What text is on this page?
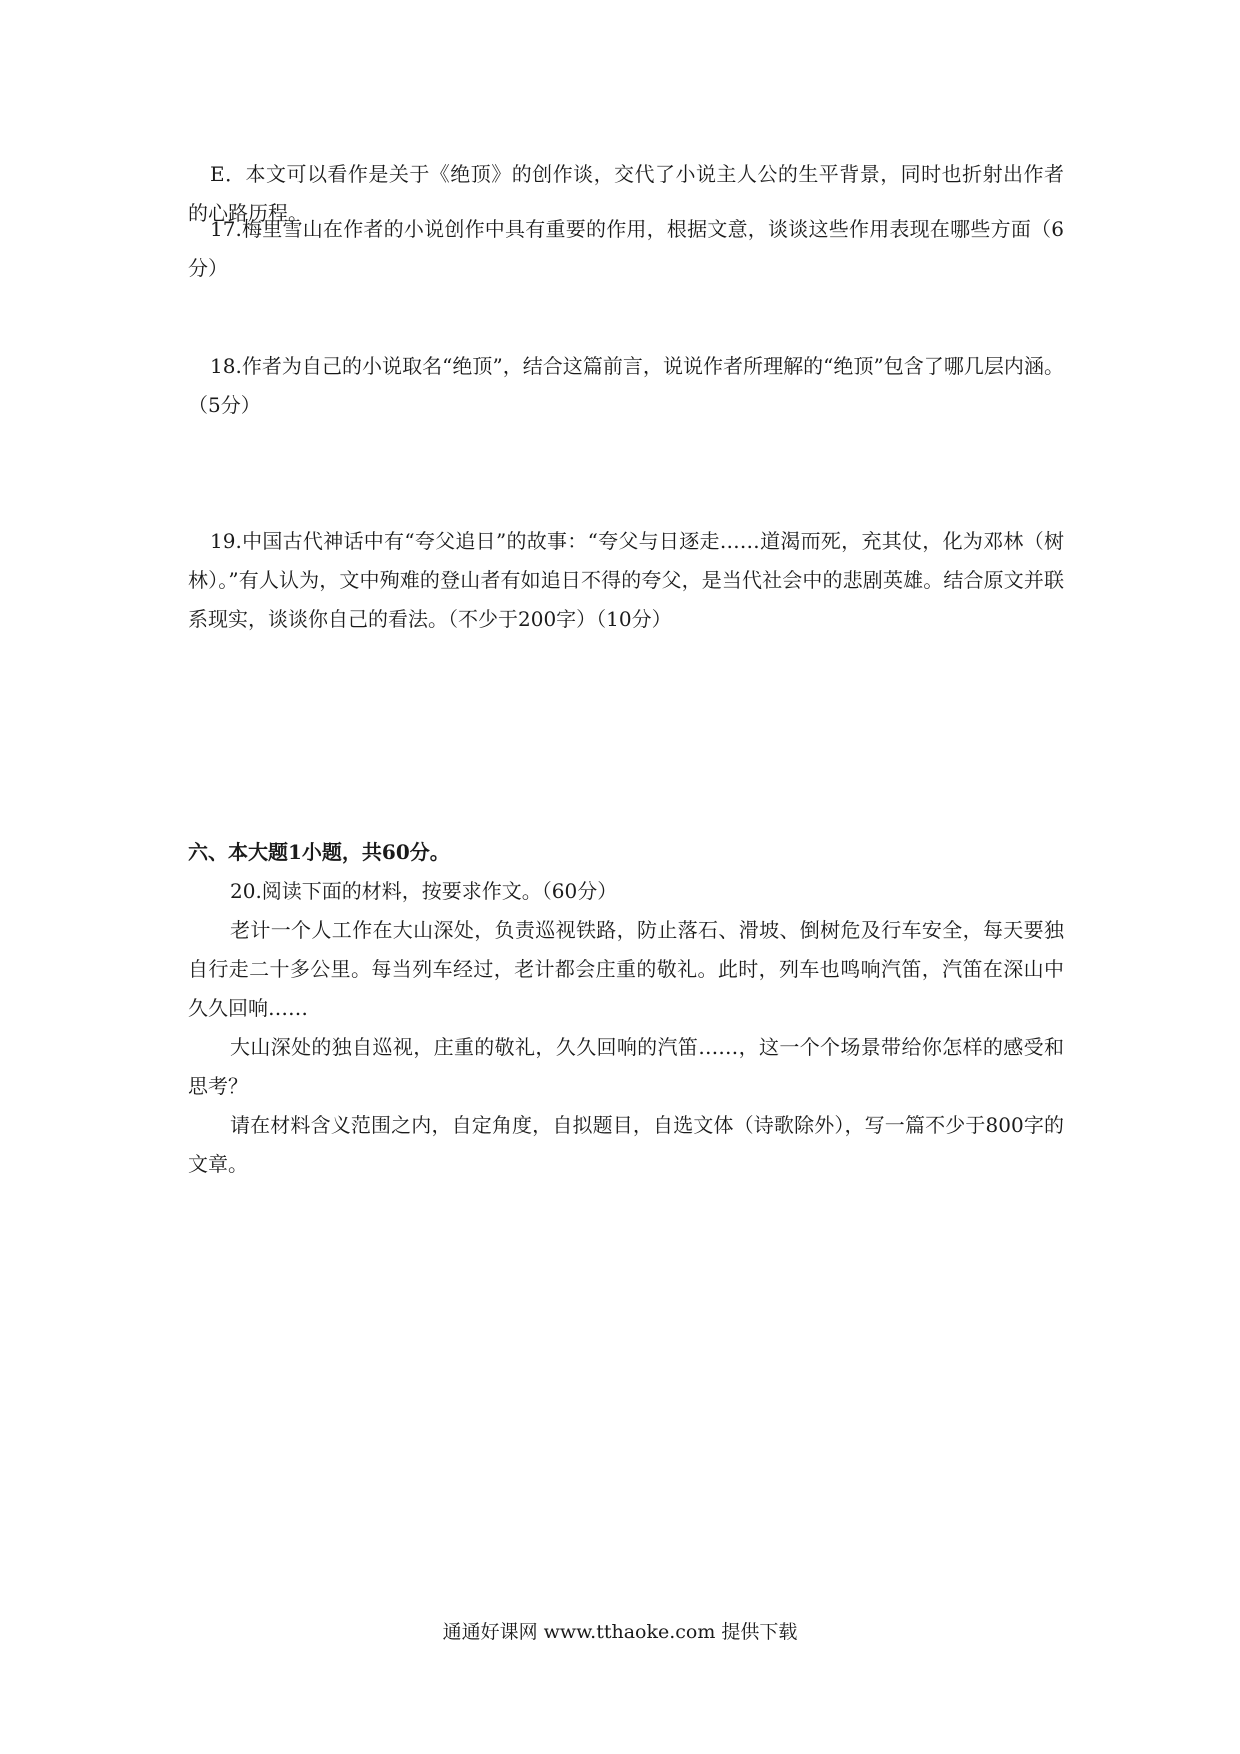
E．本文可以看作是关于《绝顶》的创作谈，交代了小说主人公的生平背景，同时也折射出作者的心路历程。

17.梅里雪山在作者的小说创作中具有重要的作用，根据文意，谈谈这些作用表现在哪些方面（6分）

18.作者为自己的小说取名“绝顶”，结合这篇前言，说说作者所理解的“绝顶”包含了哪几层内涵。（5分）

19.中国古代神话中有“夸父追日”的故事：“夸父与日逐走……道渴而死，充其仗，化为邓林（树林）。”有人认为，文中殉难的登山者有如追日不得的夸父，是当代社会中的悲剧英雄。结合原文并联系现实，谈谈你自己的看法。（不少于200字）（10分）

六、本大题1小题，共60分。

20.阅读下面的材料，按要求作文。（60分）

老计一个人工作在大山深处，负责巡视铁路，防止落石、滑坡、倒树危及行车安全，每天要独自行走二十多公里。每当列车经过，老计都会庄重的敬礼。此时，列车也鸣响汽笛，汽笛在深山中久久回响……

大山深处的独自巡视，庄重的敬礼，久久回响的汽笛……，这一个个场景带给你怎样的感受和思考？

请在材料含义范围之内，自定角度，自拟题目，自选文体（诗歌除外），写一篇不少于800字的文章。

通通好课网 www.tthaoke.com 提供下载
